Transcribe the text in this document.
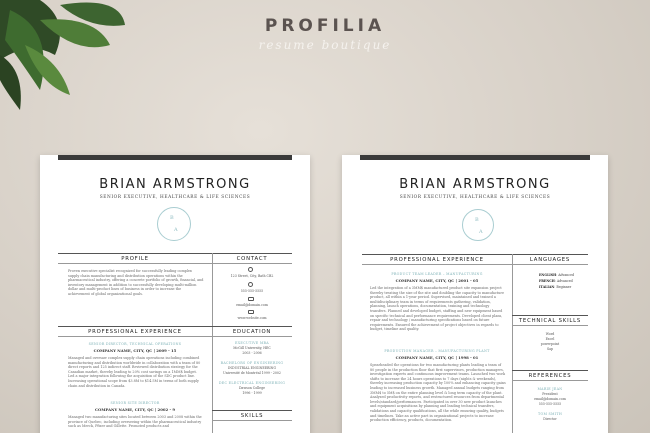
PROFILIA
resume boutique
BRIAN ARMSTRONG
SENIOR EXECUTIVE, HEALTHCARE & LIFE SCIENCES
B
A
PROFILE	CONTACT
Proven executive specialist recognized for successfully leading complex supply chain manufacturing and distribution operations within the pharmaceutical industry, offering a concrete portfolio of growth, financial, and inventory management in addition to successfully developing multi-million dollar and multi-product lines of business in order to increase the achievement of global organizational goals.
123 Street, City, Bath CB2
555-555-5555
email@domain.com
www.website.com
PROFESSIONAL EXPERIENCE	EDUCATION
SENIOR DIRECTOR, TECHNICAL OPERATIONS
COMPANY NAME, CITY, QC | 2009 - 15
Managed and oversaw complex supply chain operations including combined manufacturing and distribution worldwide in collaboration with a team of 80 direct reports and 125 indirect staff. Reviewed distribution strategy for the Canadian market, thereby leading to 20% cost savings on a 1MM$ budget. Led a major integration following the acquisition of the SDC product line. Increasing operational scope from $3.8M to $14.5M in terms of both supply chain and distribution in Canada.
SENIOR SITE DIRECTOR
COMPANY NAME, CITY, QC | 2002 - 9
Managed two manufacturing sites located between 2003 and 2008 within the province of Quebec, including overseeing within the pharmaceutical industry such as Merck, Pfizer and Gillette. Promoted products and
EXECUTIVE MBA
McGill University, HEC
2003 - 2006
BACHELORS OF ENGINEERING
INDUSTRIAL ENGINEERING
Université de Montréal 1999 - 2002
DEC ELECTRICAL ENGINEERING
Dawson College
1996 - 1999
SKILLS
BRIAN ARMSTRONG
SENIOR EXECUTIVE, HEALTHCARE & LIFE SCIENCES
B
A
PROFESSIONAL EXPERIENCE	LANGUAGES
PRODUCT TEAM LEADER – MANUFACTURING
COMPANY NAME, CITY, QC | 2001 - 05
Led the integration of a 3MM$ manufactured product site expansion project thereby treating the size of the site and doubling the capacity to manufacture product, all within a 1-year period. Supervised, maintained and trained a multidisciplinary team in terms of requirements gathering, validation, planning, launch operations, documentation, training and technology transfers. Planned and developed budget, staffing and new equipment based on specific technical and performance requirements. Developed client plans, repair and technology / manufacturing specifications based on future requirements. Ensured the achievement of project objectives in regards to budget, timeline and quality.
PRODUCTION MANAGER – MANUFACTURING PLANT
COMPANY NAME, CITY, QC | 1998 - 01
Spearheaded the operations for two manufacturing plants leading a team of 80 people in the production floor that first supervisors, production managers, investigation experts and continuous improvement teams. Launched two work shifts to increase the 24 hours operations to 7 days (nights & weekends), thereby increasing production capacity by 100% and enhancing capacity gains leading to increased business growth. Managed annual budgets ranging from 3MM$ to 5M$ on the entire planning level & long term capacity of the plant. Analyzed productivity reports, and restructured resources from departmental levels/standard/performances. Participated in over 30 new product launches and equipment acquisitions by planning and leading technical transfers, validations and capacity qualifications, all the while ensuring quality, budgets and timelines. Take an active part in organizational projects to increase production efficiency, products, documentation.
ENGLISH: Advanced
FRENCH: Advanced
ITALIAN: Beginner
TECHNICAL SKILLS
Word
Excel
powerpoint
Sap
REFERENCES
MARIE JEAN
President
email@domain.com
555-555-5555
TOM SMITH
Director
